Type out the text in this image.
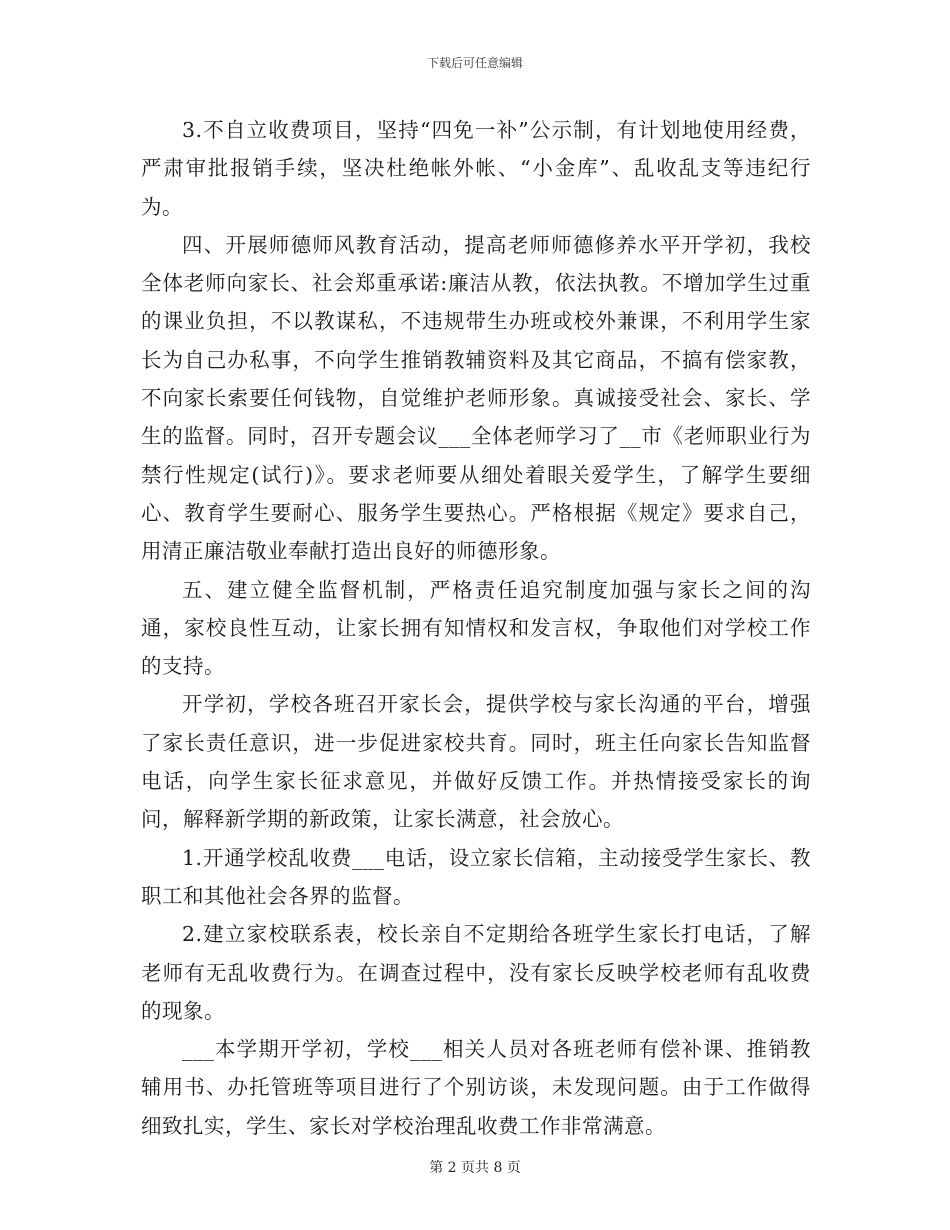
下载后可任意编辑

3.不自立收费项目，坚持“四免一补”公示制，有计划地使用经费，严肃审批报销手续，坚决杜绝帐外帐、“小金库”、乱收乱支等违纪行为。

四、开展师德师风教育活动，提高老师师德修养水平开学初，我校全体老师向家长、社会郑重承诺:廉洁从教，依法执教。不增加学生过重的课业负担，不以教谋私，不违规带生办班或校外兼课，不利用学生家长为自己办私事，不向学生推销教辅资料及其它商品，不搞有偿家教，不向家长索要任何钱物，自觉维护老师形象。真诚接受社会、家长、学生的监督。同时，召开专题会议___全体老师学习了__市《老师职业行为禁行性规定(试行)》。要求老师要从细处着眼关爱学生，了解学生要细心、教育学生要耐心、服务学生要热心。严格根据《规定》要求自己，用清正廉洁敬业奉献打造出良好的师德形象。

五、建立健全监督机制，严格责任追究制度加强与家长之间的沟通，家校良性互动，让家长拥有知情权和发言权，争取他们对学校工作的支持。

开学初，学校各班召开家长会，提供学校与家长沟通的平台，增强了家长责任意识，进一步促进家校共育。同时，班主任向家长告知监督电话，向学生家长征求意见，并做好反馈工作。并热情接受家长的询问，解释新学期的新政策，让家长满意，社会放心。

1.开通学校乱收费___电话，设立家长信箱，主动接受学生家长、教职工和其他社会各界的监督。

2.建立家校联系表，校长亲自不定期给各班学生家长打电话，了解老师有无乱收费行为。在调查过程中，没有家长反映学校老师有乱收费的现象。

___本学期开学初，学校___相关人员对各班老师有偿补课、推销教辅用书、办托管班等项目进行了个别访谈，未发现问题。由于工作做得细致扎实，学生、家长对学校治理乱收费工作非常满意。

第 2 页共 8 页
